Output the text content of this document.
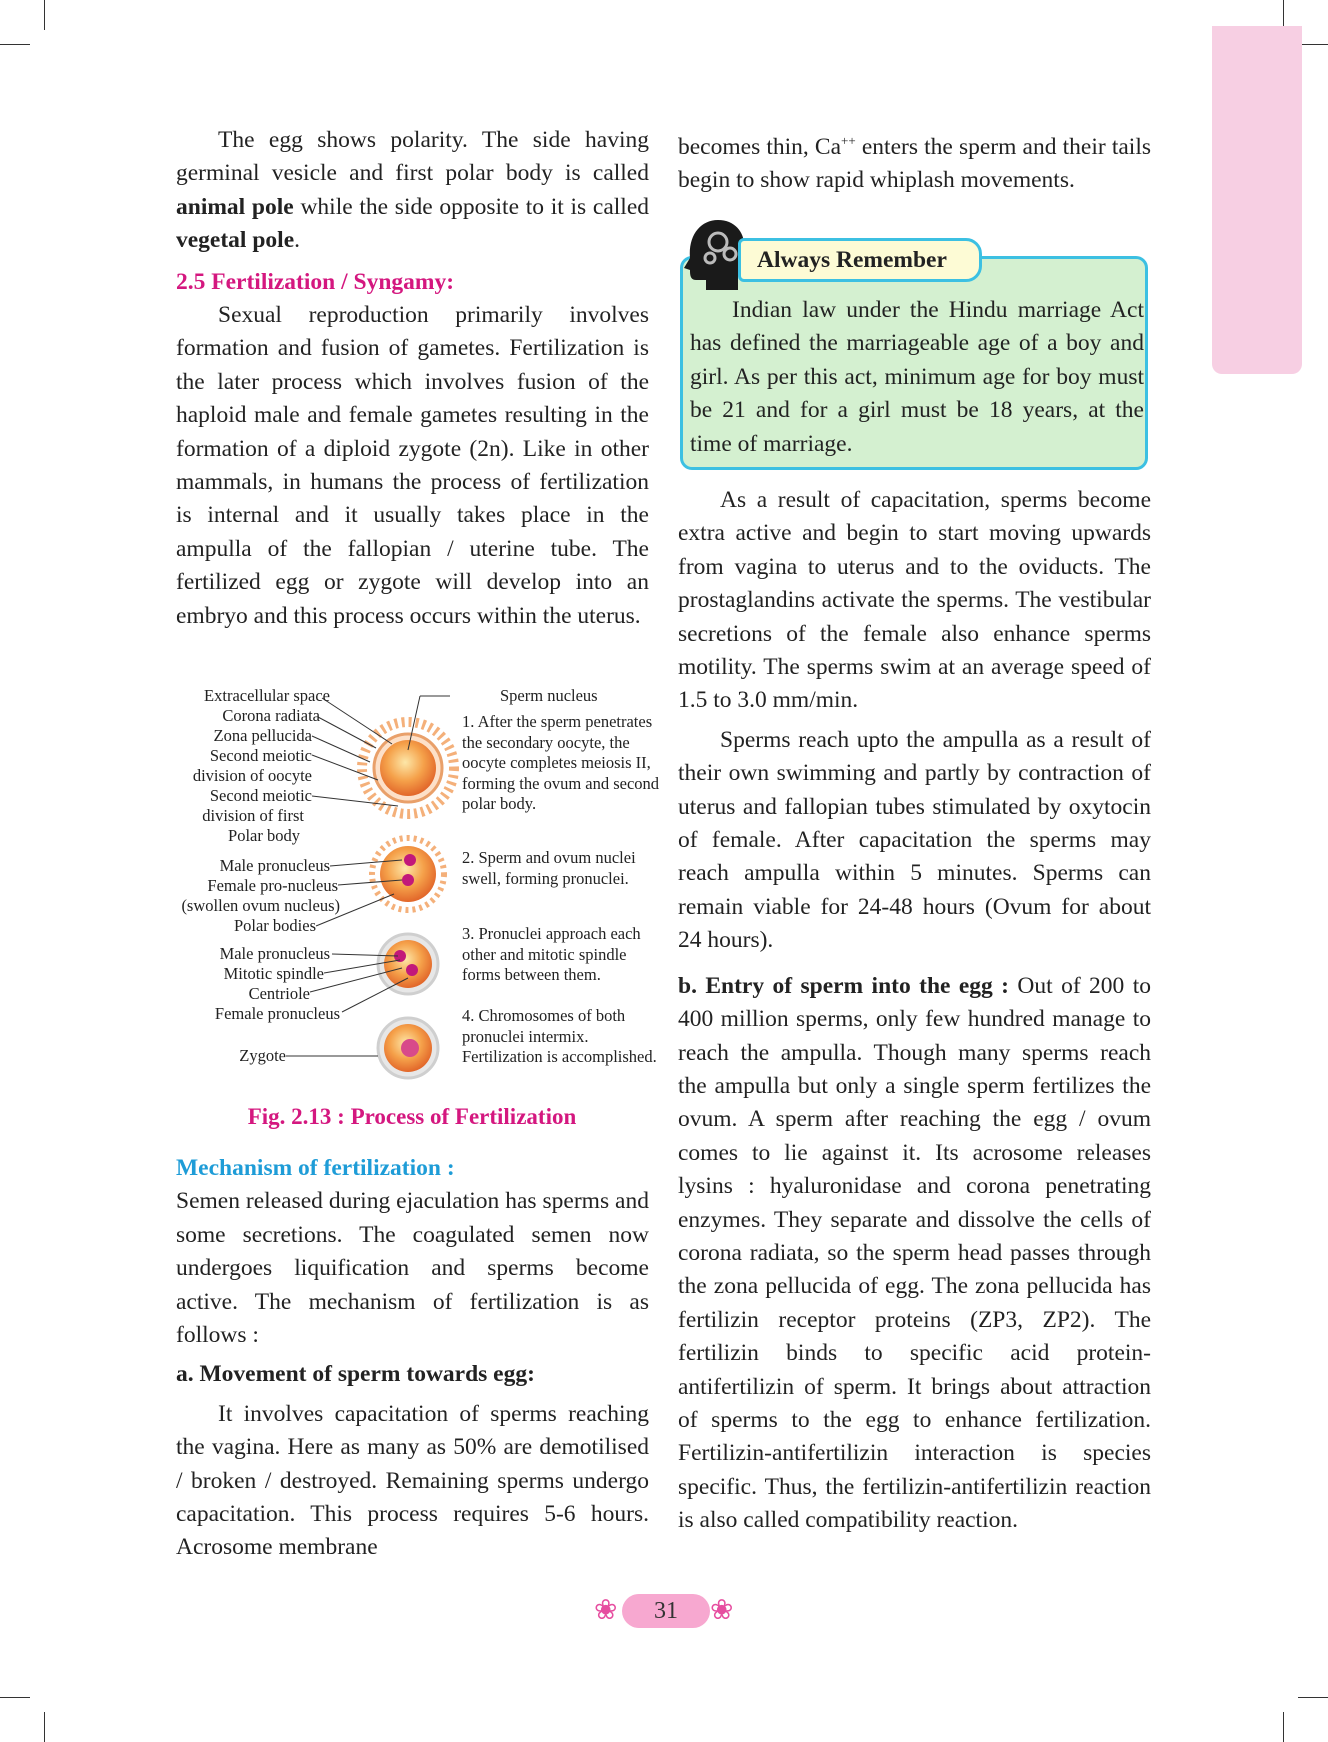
The egg shows polarity. The side having germinal vesicle and first polar body is called animal pole while the side opposite to it is called vegetal pole.

2.5 Fertilization / Syngamy:

Sexual reproduction primarily involves formation and fusion of gametes. Fertilization is the later process which involves fusion of the haploid male and female gametes resulting in the formation of a diploid zygote (2n). Like in other mammals, in humans the process of fertilization is internal and it usually takes place in the ampulla of the fallopian / uterine tube. The fertilized egg or zygote will develop into an embryo and this process occurs within the uterus.

Extracellular space
Corona radiata
Zona pellucida
Second meiotic
division of oocyte
Second meiotic
division of first
Polar body
Male pronucleus
Female pro-nucleus
(swollen ovum nucleus)
Polar bodies
Male pronucleus
Mitotic spindle
Centriole
Female pronucleus
Zygote
Sperm nucleus
1. After the sperm penetrates the secondary oocyte, the oocyte completes meiosis II, forming the ovum and second polar body.
2. Sperm and ovum nuclei swell, forming pronuclei.
3. Pronuclei approach each other and mitotic spindle forms between them.
4. Chromosomes of both pronuclei intermix. Fertilization is accomplished.
Fig. 2.13 : Process of Fertilization

Mechanism of fertilization :

Semen released during ejaculation has sperms and some secretions. The coagulated semen now undergoes liquification and sperms become active. The mechanism of fertilization is as follows :

a. Movement of sperm towards egg:

It involves capacitation of sperms reaching the vagina. Here as many as 50% are demotilised / broken / destroyed. Remaining sperms undergo capacitation. This process requires 5-6 hours. Acrosome membrane

becomes thin, Ca++ enters the sperm and their tails begin to show rapid whiplash movements.

Always Remember

Indian law under the Hindu marriage Act has defined the marriageable age of a boy and girl. As per this act, minimum age for boy must be 21 and for a girl must be 18 years, at the time of marriage.

As a result of capacitation, sperms become extra active and begin to start moving upwards from vagina to uterus and to the oviducts. The prostaglandins activate the sperms. The vestibular secretions of the female also enhance sperms motility. The sperms swim at an average speed of 1.5 to 3.0 mm/min.

Sperms reach upto the ampulla as a result of their own swimming and partly by contraction of uterus and fallopian tubes stimulated by oxytocin of female. After capacitation the sperms may reach ampulla within 5 minutes. Sperms can remain viable for 24-48 hours (Ovum for about 24 hours).

b. Entry of sperm into the egg : Out of 200 to 400 million sperms, only few hundred manage to reach the ampulla. Though many sperms reach the ampulla but only a single sperm fertilizes the ovum. A sperm after reaching the egg / ovum comes to lie against it. Its acrosome releases lysins : hyaluronidase and corona penetrating enzymes. They separate and dissolve the cells of corona radiata, so the sperm head passes through the zona pellucida of egg. The zona pellucida has fertilizin receptor proteins (ZP3, ZP2). The fertilizin binds to specific acid protein- antifertilizin of sperm. It brings about attraction of sperms to the egg to enhance fertilization. Fertilizin-antifertilizin interaction is species specific. Thus, the fertilizin-antifertilizin reaction is also called compatibility reaction.

❀	31	❀
